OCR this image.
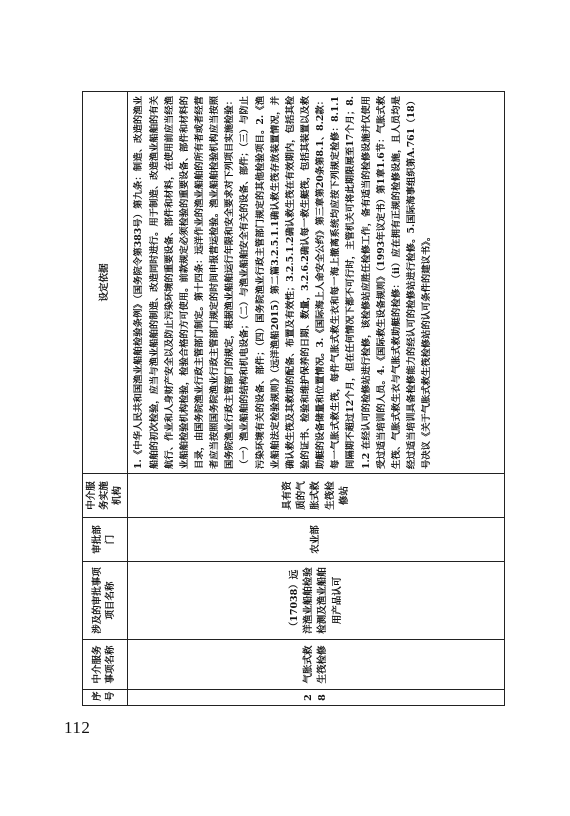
112
序号	中介服务事项名称	涉及的审批事项项目名称	审批部门	中介服务实施机构	设定依据
28	气胀式救生筏检修	（17038）远洋渔业船舶检验检测及渔业船舶用产品认可	农业部	具有资质的气胀式救生筏检修站	1.《中华人民共和国渔业船舶检验条例》（国务院令第383号）第九条：制造、改造的渔业船舶的初次检验，应当与渔业船舶的制造、改造同时进行。用于制造、改造渔业船舶的有关航行、作业和人身财产安全以及防止污染环境的重要设备、部件和材料，在使用前应当经渔业船舶检验机构检验，检验合格的方可使用。前款规定必须检验的重要设备、部件和材料的目录，由国务院渔业行政主管部门制定。第十四条：远洋作业的渔业船舶的所有者或者经营者应当按照国务院渔业行政主管部门规定的时间申报营运检验。渔业船舶检验机构应当按照国务院渔业行政主管部门的规定，根据渔业船舶运行年限和安全要求对下列项目实施检验：（一）渔业船舶的结构和机电设备；（二）与渔业船舶安全有关的设备、部件；（三）与防止污染环境有关的设备、部件；（四）国务院渔业行政主管部门规定的其他检验项目。2.《渔业船舶法定检验规则》（远洋渔船2015）第二篇3.2.5.1.1确认救生筏存放装置情况，并确认救生筏及其救助的配备、布置及有效性；3.2.5.1.2确认救生筏在有效期内，包括其检验的证书、检验和维护保养的日期、数量，3.2.6.2确认每一救生艇筏，包括其装置以及救助艇的设备储量和位置情况。3.《国际海上人命安全公约》第三章第20条第8.1、8.2款：每一气胀式救生筏，每件气胀式救生衣和每一海上撤离系统均应按下列规定检修：8.1.1 间隔期不超过12个月，但在任何情况下都不可行时，主管机关可将此期限展至17个月；8.1.2 在经认可的检修站进行检修，该检修站应胜任检修工作，备有适当的检修设施并仅使用受过适当培训的人员。4.《国际救生设备规则》（1993年议定书）第1章1.6节：气胀式救生筏、气胀式救生衣与气胀式救助艇的检修：（ii）应在拥有正规的检修设施，且人员均是经过适当培训具备检修能力的经认可的检修站进行检修。5.国际海事组织第A.761（18）号决议《关于气胀式救生筏检修站的认可条件的建议书》。
